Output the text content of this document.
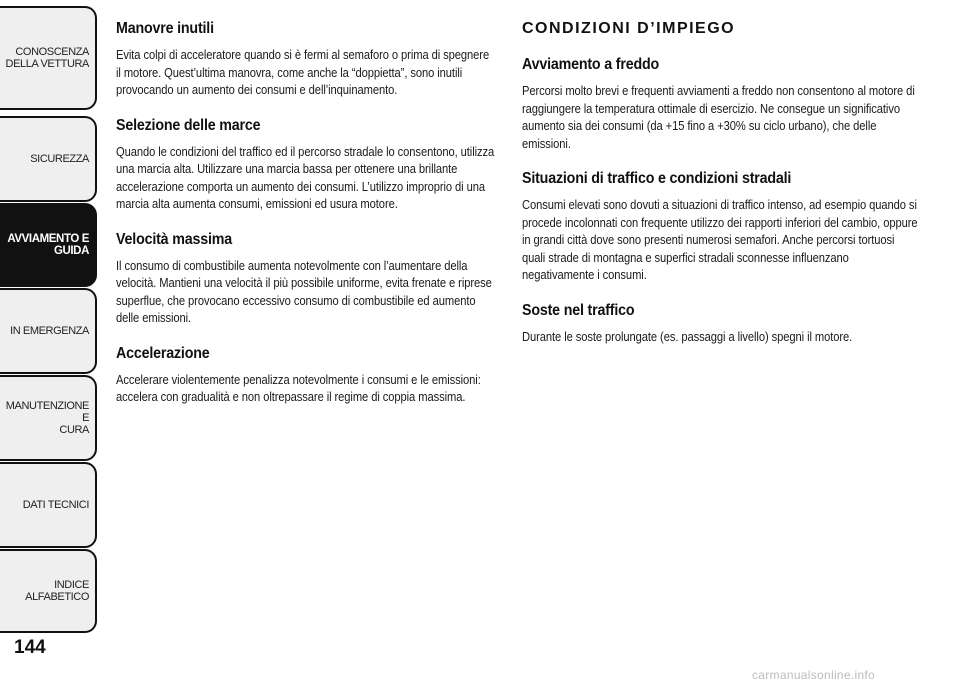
CONOSCENZA
DELLA VETTURA
SICUREZZA
AVVIAMENTO E
GUIDA
IN EMERGENZA
MANUTENZIONE E
CURA
DATI TECNICI
INDICE ALFABETICO
144
Manovre inutili

Evita colpi di acceleratore quando si è fermi al semaforo o prima di spegnere il motore. Quest’ultima manovra, come anche la “doppietta”, sono inutili provocando un aumento dei consumi e dell’inquinamento.

Selezione delle marce

Quando le condizioni del traffico ed il percorso stradale lo consentono, utilizza una marcia alta. Utilizzare una marcia bassa per ottenere una brillante accelerazione comporta un aumento dei consumi. L’utilizzo improprio di una marcia alta aumenta consumi, emissioni ed usura motore.

Velocità massima

Il consumo di combustibile aumenta notevolmente con l’aumentare della velocità. Mantieni una velocità il più possibile uniforme, evita frenate e riprese superflue, che provocano eccessivo consumo di combustibile ed aumento delle emissioni.

Accelerazione

Accelerare violentemente penalizza notevolmente i consumi e le emissioni: accelera con gradualità e non oltrepassare il regime di coppia massima.

CONDIZIONI D’IMPIEGO
Avviamento a freddo

Percorsi molto brevi e frequenti avviamenti a freddo non consentono al motore di raggiungere la temperatura ottimale di esercizio. Ne consegue un significativo aumento sia dei consumi (da +15 fino a +30% su ciclo urbano), che delle emissioni.

Situazioni di traffico e condizioni stradali

Consumi elevati sono dovuti a situazioni di traffico intenso, ad esempio quando si procede incolonnati con frequente utilizzo dei rapporti inferiori del cambio, oppure in grandi città dove sono presenti numerosi semafori. Anche percorsi tortuosi quali strade di montagna e superfici stradali sconnesse influenzano negativamente i consumi.

Soste nel traffico

Durante le soste prolungate (es. passaggi a livello) spegni il motore.

carmanualsonline.info
